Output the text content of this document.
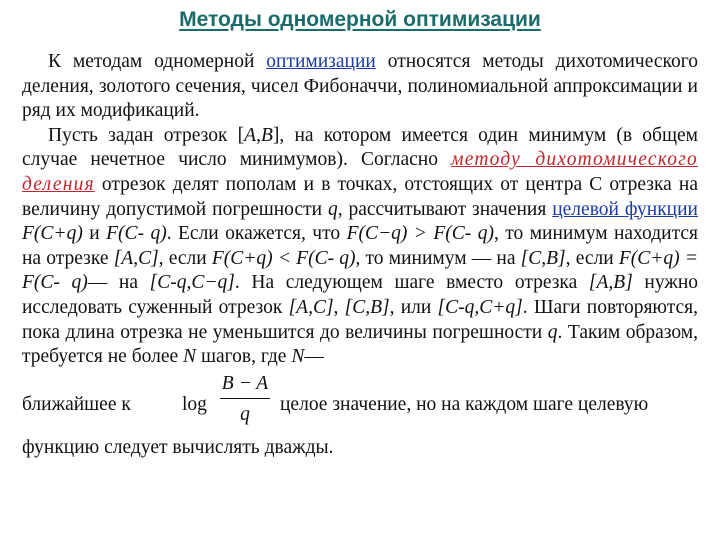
Методы одномерной оптимизации

К методам одномерной оптимизации относятся методы дихотомического деления, золотого сечения, чисел Фибоначчи, полиномиальной аппроксимации и ряд их модификаций.

Пусть задан отрезок [A,B], на котором имеется один минимум (в общем случае нечетное число минимумов). Согласно методу дихотомического деления отрезок делят пополам и в точках, отстоящих от центра С отрезка на величину допустимой погрешности q, рассчитывают значения целевой функции F(C+q) и F(C- q). Если окажется, что F(C−q) > F(C- q), то минимум находится на отрезке [A,C], если F(C+q) < F(C- q), то минимум — на [C,B], если F(C+q) = F(C- q)— на [C-q,C−q]. На следующем шаге вместо отрезка [A,B] нужно исследовать суженный отрезок [A,C], [C,B], или [C-q,C+q]. Шаги повторяются, пока длина отрезка не уменьшится до величины погрешности q. Таким образом, требуется не более N шагов, где N—

ближайшее к	log
B − A
q	целое значение, но на каждом шаге целевую

функцию следует вычислять дважды.
